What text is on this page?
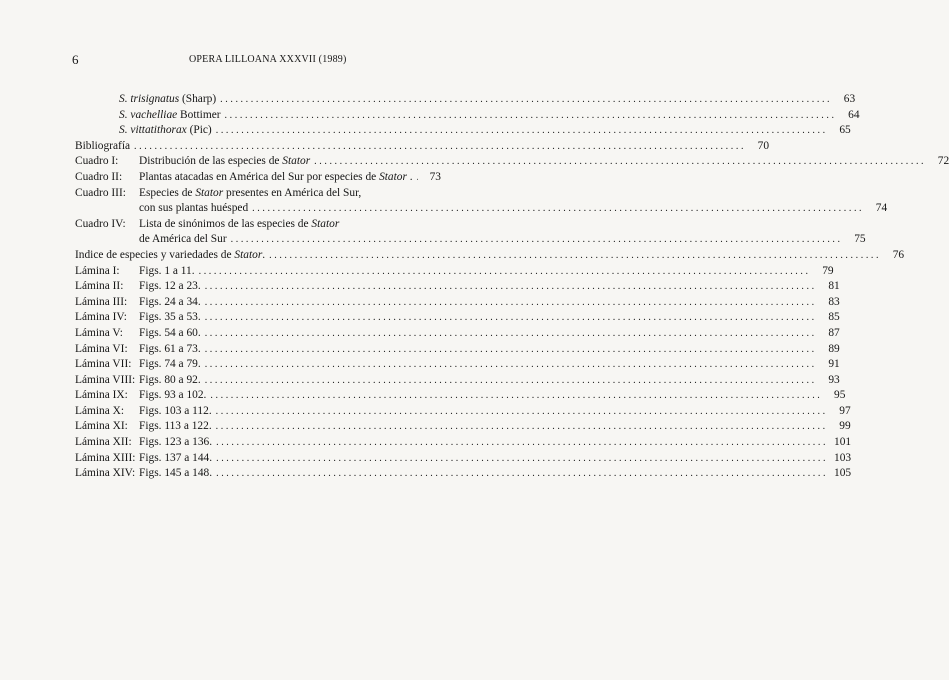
6	OPERA LILLOANA XXXVII (1989)
S. trisignatus (Sharp) ........................................................................................................................	63
S. vachelliae Bottimer ........................................................................................................................	64
S. vittatithorax (Pic) ........................................................................................................................	65
Bibliografía ........................................................................................................................	70
Cuadro I:	Distribución de las especies de Stator ........................................................................................................................	72
Cuadro II:	Plantas atacadas en América del Sur por especies de Stator .	73
Cuadro III:	Especies de Stator presentes en América del Sur,
con sus plantas huésped ........................................................................................................................	74
Cuadro IV:	Lista de sinónimos de las especies de Stator
de América del Sur ........................................................................................................................	75
Indice de especies y variedades de Stator. ........................................................................................................................	76
Lámina I:	Figs. 1 a 11. ........................................................................................................................	79
Lámina II:	Figs. 12 a 23. ........................................................................................................................	81
Lámina III:	Figs. 24 a 34. ........................................................................................................................	83
Lámina IV:	Figs. 35 a 53. ........................................................................................................................	85
Lámina V:	Figs. 54 a 60. ........................................................................................................................	87
Lámina VI: Figs. 61 a 73. ........................................................................................................................	89
Lámina VII: Figs. 74 a 79. ........................................................................................................................	91
Lámina VIII: Figs. 80 a 92. ........................................................................................................................	93
Lámina IX: Figs. 93 a 102. ........................................................................................................................	95
Lámina X:	Figs. 103 a 112. ........................................................................................................................	97
Lámina XI: Figs. 113 a 122. ........................................................................................................................	99
Lámina XII: Figs. 123 a 136. ........................................................................................................................ 101
Lámina XIII: Figs. 137 a 144. ........................................................................................................................ 103
Lámina XIV: Figs. 145 a 148. ........................................................................................................................ 105
